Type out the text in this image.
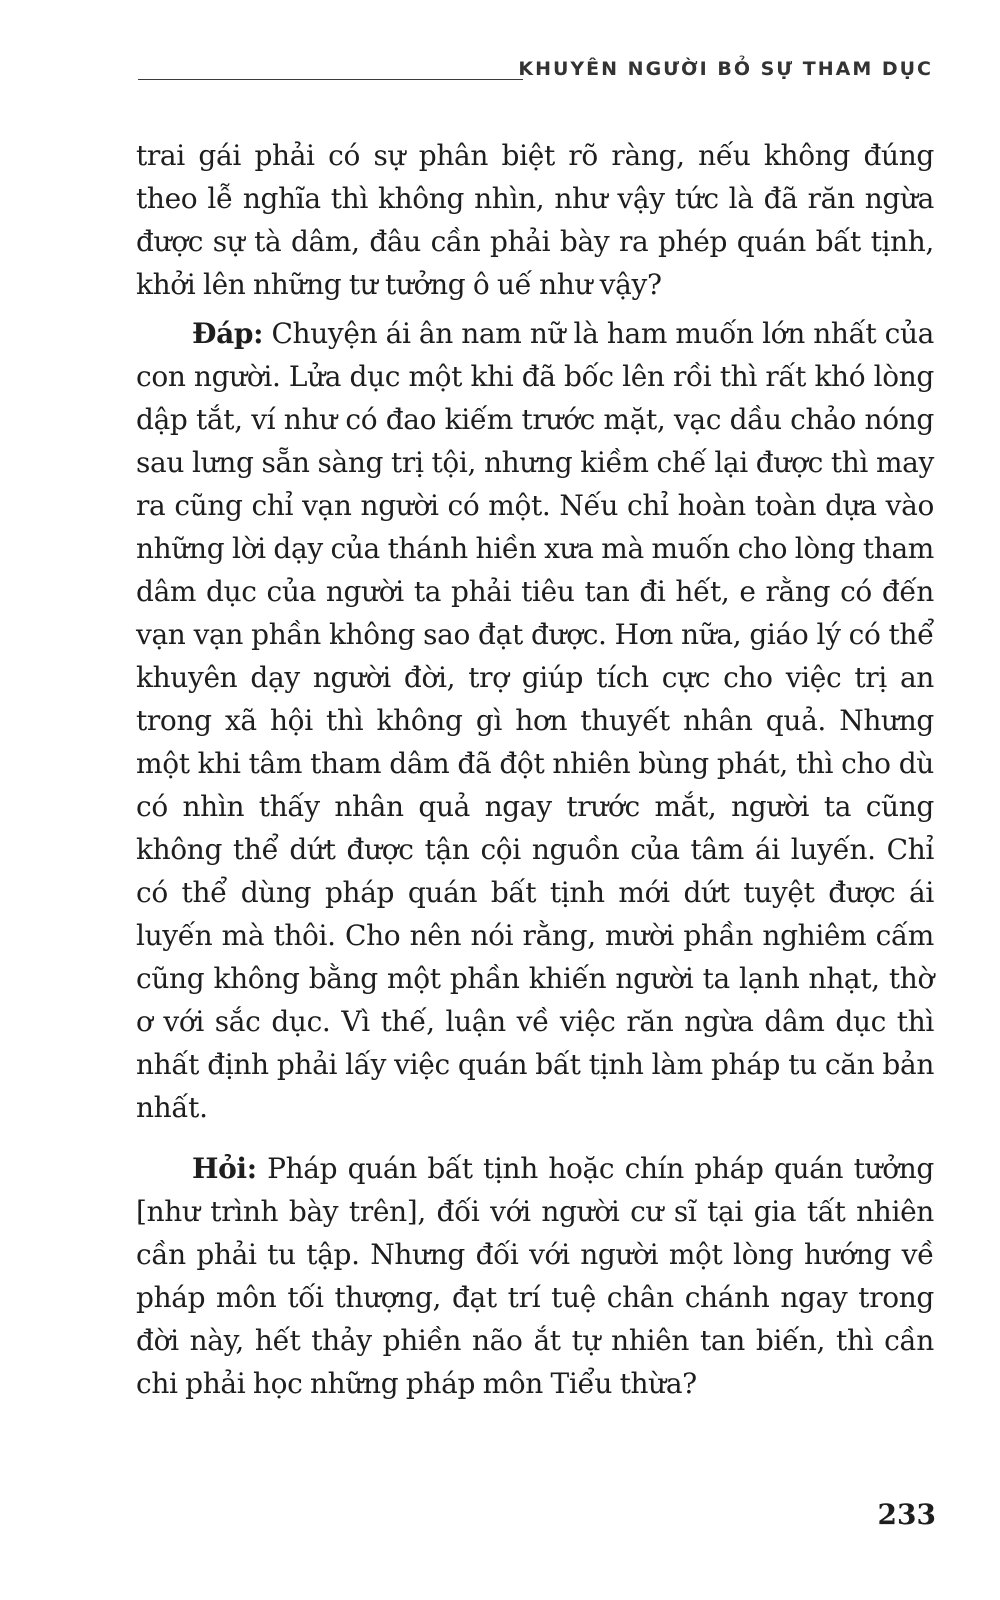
KHUYÊN NGƯỜI BỎ SỰ THAM DỤC

trai gái phải có sự phân biệt rõ ràng, nếu không đúng theo lễ nghĩa thì không nhìn, như vậy tức là đã răn ngừa được sự tà dâm, đâu cần phải bày ra phép quán bất tịnh, khởi lên những tư tưởng ô uế như vậy?

Đáp: Chuyện ái ân nam nữ là ham muốn lớn nhất của con người. Lửa dục một khi đã bốc lên rồi thì rất khó lòng dập tắt, ví như có đao kiếm trước mặt, vạc dầu chảo nóng sau lưng sẵn sàng trị tội, nhưng kiềm chế lại được thì may ra cũng chỉ vạn người có một. Nếu chỉ hoàn toàn dựa vào những lời dạy của thánh hiền xưa mà muốn cho lòng tham dâm dục của người ta phải tiêu tan đi hết, e rằng có đến vạn vạn phần không sao đạt được. Hơn nữa, giáo lý có thể khuyên dạy người đời, trợ giúp tích cực cho việc trị an trong xã hội thì không gì hơn thuyết nhân quả. Nhưng một khi tâm tham dâm đã đột nhiên bùng phát, thì cho dù có nhìn thấy nhân quả ngay trước mắt, người ta cũng không thể dứt được tận cội nguồn của tâm ái luyến. Chỉ có thể dùng pháp quán bất tịnh mới dứt tuyệt được ái luyến mà thôi. Cho nên nói rằng, mười phần nghiêm cấm cũng không bằng một phần khiến người ta lạnh nhạt, thờ ơ với sắc dục. Vì thế, luận về việc răn ngừa dâm dục thì nhất định phải lấy việc quán bất tịnh làm pháp tu căn bản nhất.

Hỏi: Pháp quán bất tịnh hoặc chín pháp quán tưởng [như trình bày trên], đối với người cư sĩ tại gia tất nhiên cần phải tu tập. Nhưng đối với người một lòng hướng về pháp môn tối thượng, đạt trí tuệ chân chánh ngay trong đời này, hết thảy phiền não ắt tự nhiên tan biến, thì cần chi phải học những pháp môn Tiểu thừa?

233
